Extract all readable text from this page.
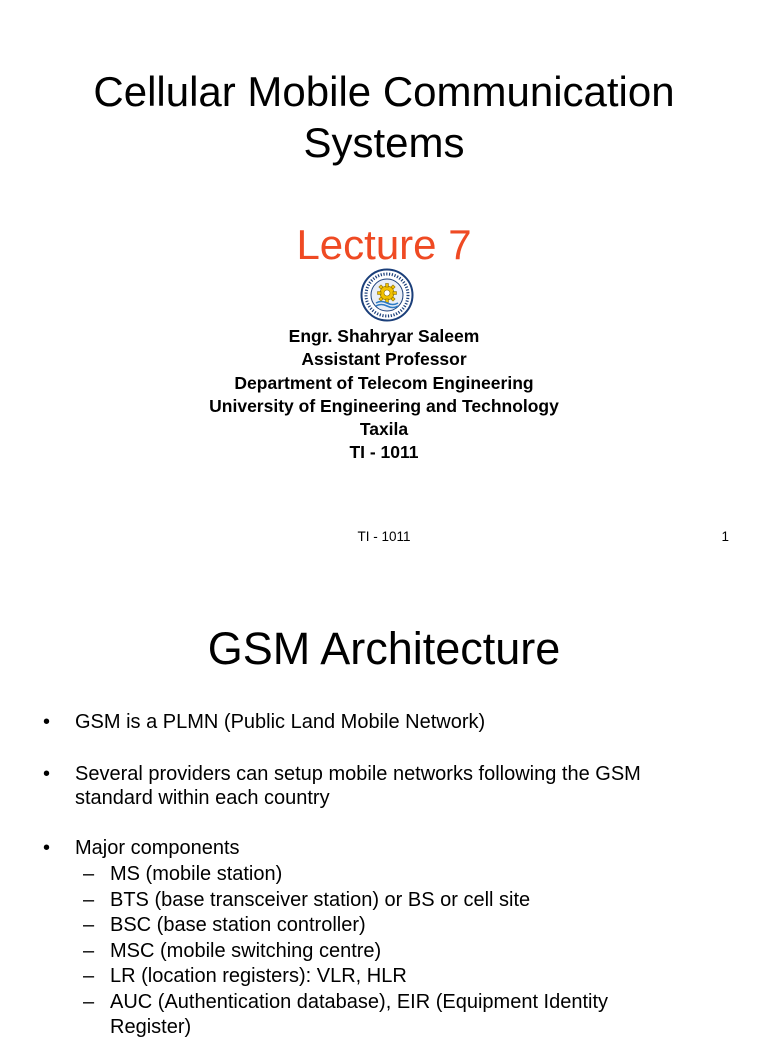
Cellular Mobile Communication Systems
Lecture 7
Engr. Shahryar Saleem
Assistant Professor
Department of Telecom Engineering
University of Engineering and Technology
Taxila
TI - 1011
TI - 1011	1
GSM Architecture
• GSM is a PLMN (Public Land Mobile Network)
• Several providers can setup mobile networks following the GSM standard within each country
• Major components
– MS (mobile station)
– BTS (base transceiver station) or BS or cell site
– BSC (base station controller)
– MSC (mobile switching centre)
– LR (location registers): VLR, HLR
– AUC (Authentication database), EIR (Equipment Identity Register)
